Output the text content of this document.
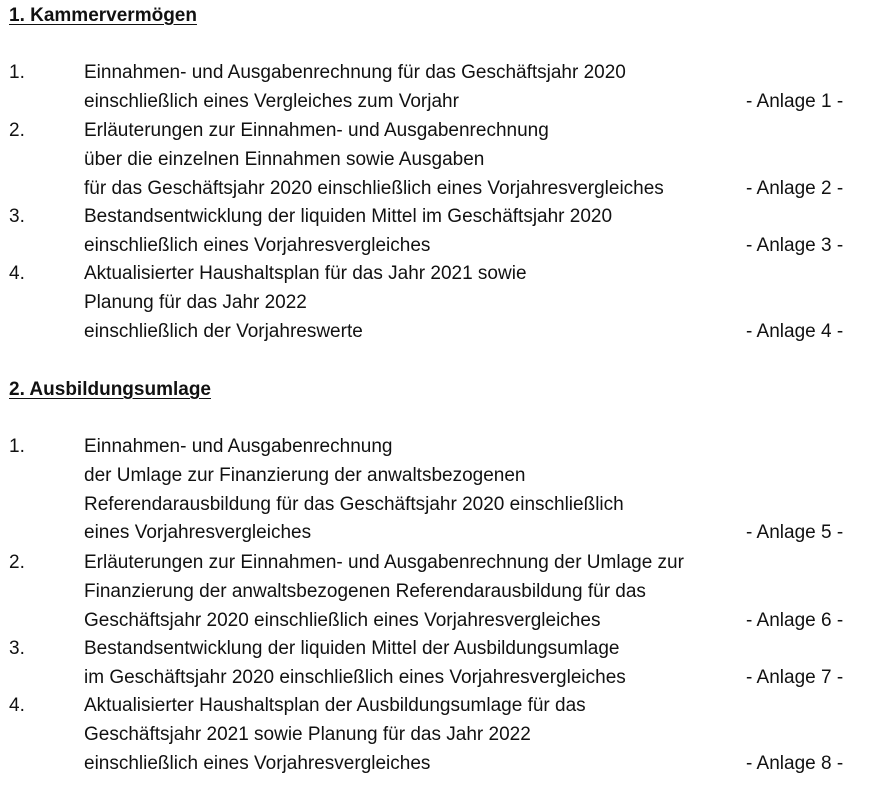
1. Kammervermögen
1.	Einnahmen- und Ausgabenrechnung für das Geschäftsjahr 2020
einschließlich eines Vergleiches zum Vorjahr	- Anlage 1 -
2.	Erläuterungen zur Einnahmen- und Ausgabenrechnung
über die einzelnen Einnahmen sowie Ausgaben
für das Geschäftsjahr 2020 einschließlich eines Vorjahresvergleiches	- Anlage 2 -
3.	Bestandsentwicklung der liquiden Mittel im Geschäftsjahr 2020
einschließlich eines Vorjahresvergleiches	- Anlage 3 -
4.	Aktualisierter Haushaltsplan für das Jahr 2021 sowie
Planung für das Jahr 2022
einschließlich der Vorjahreswerte	- Anlage 4 -
2. Ausbildungsumlage
1.	Einnahmen- und Ausgabenrechnung
der Umlage zur Finanzierung der anwaltsbezogenen
Referendarausbildung für das Geschäftsjahr 2020 einschließlich
eines Vorjahresvergleiches	- Anlage 5 -
2.	Erläuterungen zur Einnahmen- und Ausgabenrechnung der Umlage zur
Finanzierung der anwaltsbezogenen Referendarausbildung für das
Geschäftsjahr 2020 einschließlich eines Vorjahresvergleiches	- Anlage 6 -
3.	Bestandsentwicklung der liquiden Mittel der Ausbildungsumlage
im Geschäftsjahr 2020 einschließlich eines Vorjahresvergleiches	- Anlage 7 -
4.	Aktualisierter Haushaltsplan der Ausbildungsumlage für das
Geschäftsjahr 2021 sowie Planung für das Jahr 2022
einschließlich eines Vorjahresvergleiches	- Anlage 8 -
